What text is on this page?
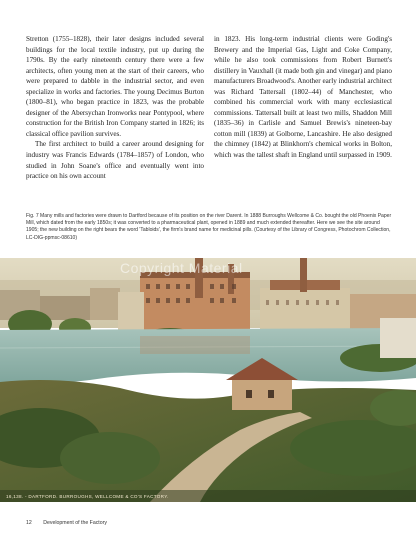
Stretton (1755–1828), their later designs included several buildings for the local textile industry, put up during the 1790s. By the early nineteenth century there were a few architects, often young men at the start of their careers, who were prepared to dabble in the industrial sector, and even specialize in works and factories. The young Decimus Burton (1800–81), who began practice in 1823, was the probable designer of the Abersychan Ironworks near Pontypool, where construction for the British Iron Company started in 1826; its classical office pavilion survives.

The first architect to build a career around designing for industry was Francis Edwards (1784–1857) of London, who studied in John Soane's office and eventually went into practice on his own account

in 1823. His long-term industrial clients were Goding's Brewery and the Imperial Gas, Light and Coke Company, while he also took commissions from Robert Burnett's distillery in Vauxhall (it made both gin and vinegar) and piano manufacturers Broadwood's. Another early industrial architect was Richard Tattersall (1802–44) of Manchester, who combined his commercial work with many ecclesiastical commissions. Tattersall built at least two mills, Shaddon Mill (1835–36) in Carlisle and Samuel Brewis's nineteen-bay cotton mill (1839) at Golborne, Lancashire. He also designed the chimney (1842) at Blinkhorn's chemical works in Bolton, which was the tallest shaft in England until surpassed in 1909.

Fig. 7 Many mills and factories were drawn to Dartford because of its position on the river Darent. In 1888 Burroughs Wellcome & Co. bought the old Phoenix Paper Mill, which dated from the early 1850s; it was converted to a pharmaceutical plant, opened in 1889 and much extended thereafter. Here we see the site around 1905; the new building on the right bears the word 'Tabloids', the firm's brand name for medicinal pills. (Courtesy of the Library of Congress, Photochrom Collection, LC-DIG-ppmsc-08610)
Copyright Material
16,138. - DARTFORD. BURROUGHS, WELLCOME & CO'S FACTORY.
12 Development of the Factory
